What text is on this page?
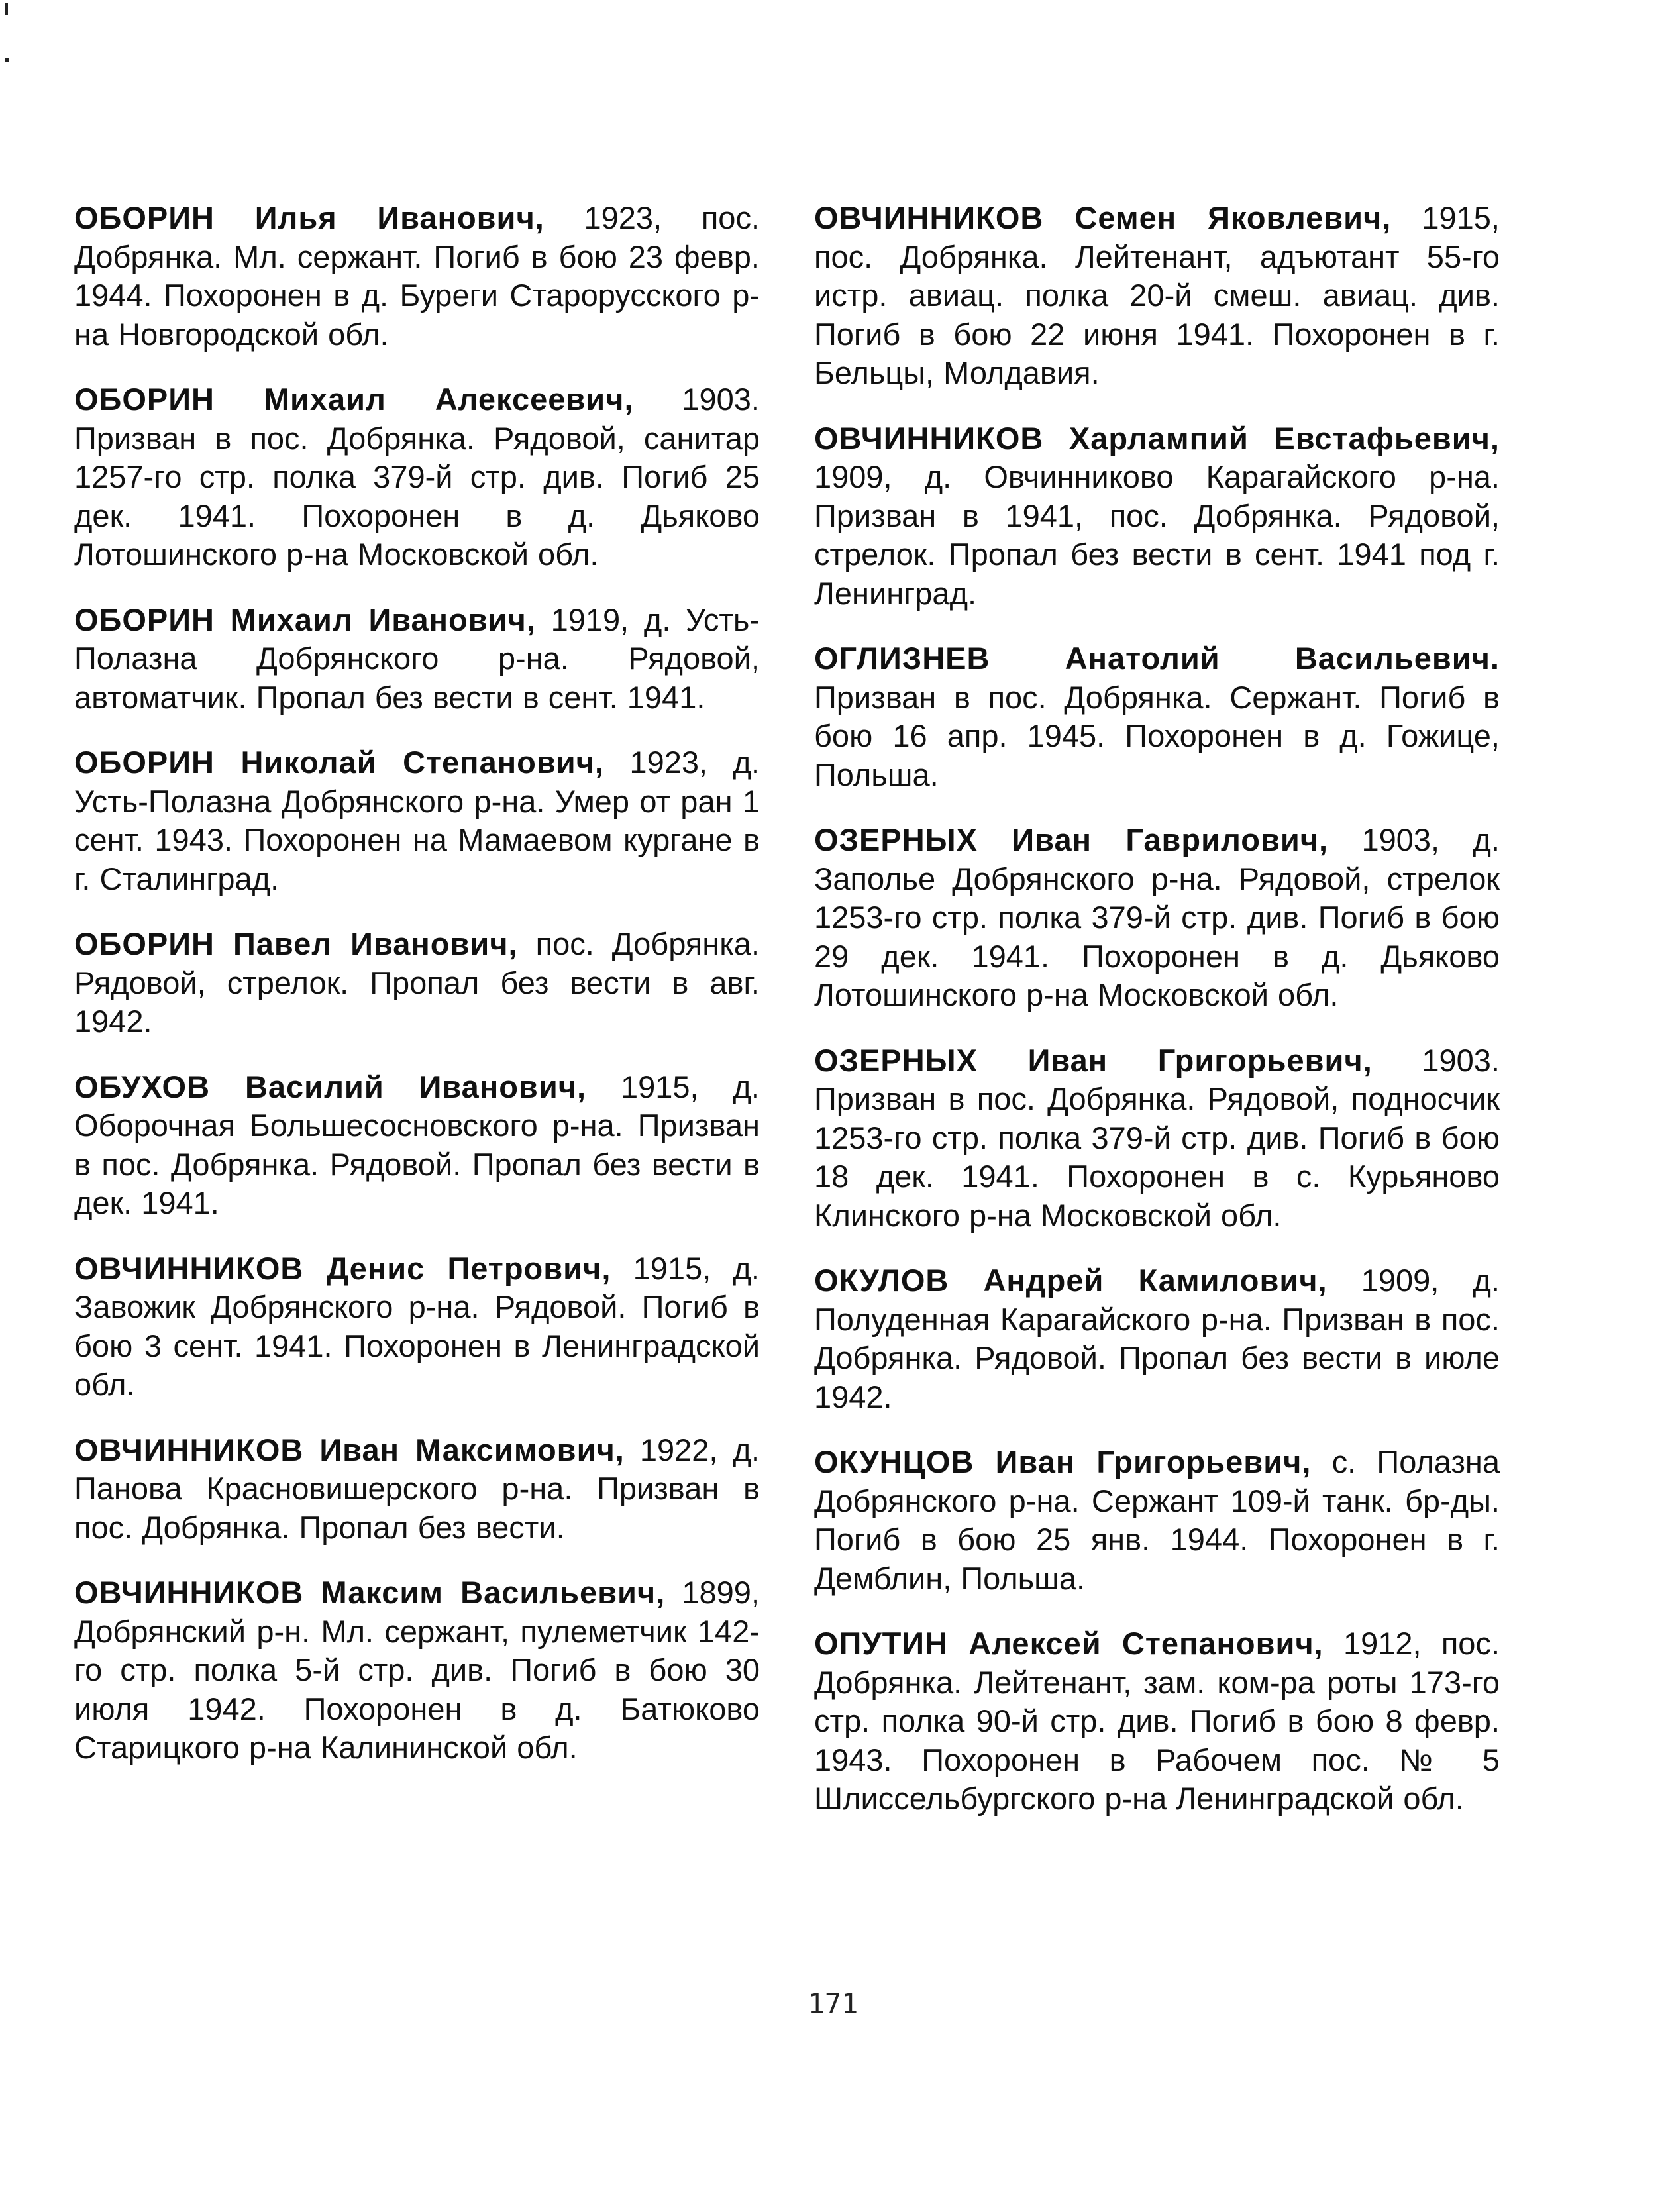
ОБОРИН Илья Иванович, 1923, пос. Добрянка. Мл. сержант. Погиб в бою 23 февр. 1944. Похоронен в д. Буреги Старорусского р-на Новгородской обл.

ОБОРИН Михаил Алексеевич, 1903. Призван в пос. Добрянка. Рядовой, санитар 1257-го стр. полка 379-й стр. див. Погиб 25 дек. 1941. Похоронен в д. Дьяково Лотошинского р-на Московской обл.

ОБОРИН Михаил Иванович, 1919, д. Усть-Полазна Добрянского р-на. Рядовой, автоматчик. Пропал без вести в сент. 1941.

ОБОРИН Николай Степанович, 1923, д. Усть-Полазна Добрянского р-на. Умер от ран 1 сент. 1943. Похоронен на Мамаевом кургане в г. Сталинград.

ОБОРИН Павел Иванович, пос. Добрянка. Рядовой, стрелок. Пропал без вести в авг. 1942.

ОБУХОВ Василий Иванович, 1915, д. Оборочная Большесосновского р-на. Призван в пос. Добрянка. Рядовой. Пропал без вести в дек. 1941.

ОВЧИННИКОВ Денис Петрович, 1915, д. Завожик Добрянского р-на. Рядовой. Погиб в бою 3 сент. 1941. Похоронен в Ленинградской обл.

ОВЧИННИКОВ Иван Максимович, 1922, д. Панова Красновишерского р-на. Призван в пос. Добрянка. Пропал без вести.

ОВЧИННИКОВ Максим Васильевич, 1899, Добрянский р-н. Мл. сержант, пулеметчик 142-го стр. полка 5-й стр. див. Погиб в бою 30 июля 1942. Похоронен в д. Батюково Старицкого р-на Калининской обл.

ОВЧИННИКОВ Семен Яковлевич, 1915, пос. Добрянка. Лейтенант, адъютант 55-го истр. авиац. полка 20-й смеш. авиац. див. Погиб в бою 22 июня 1941. Похоронен в г. Бельцы, Молдавия.

ОВЧИННИКОВ Харлампий Евстафьевич, 1909, д. Овчинниково Карагайского р-на. Призван в 1941, пос. Добрянка. Рядовой, стрелок. Пропал без вести в сент. 1941 под г. Ленинград.

ОГЛИЗНЕВ Анатолий Васильевич. Призван в пос. Добрянка. Сержант. Погиб в бою 16 апр. 1945. Похоронен в д. Гожице, Польша.

ОЗЕРНЫХ Иван Гаврилович, 1903, д. Заполье Добрянского р-на. Рядовой, стрелок 1253-го стр. полка 379-й стр. див. Погиб в бою 29 дек. 1941. Похоронен в д. Дьяково Лотошинского р-на Московской обл.

ОЗЕРНЫХ Иван Григорьевич, 1903. Призван в пос. Добрянка. Рядовой, подносчик 1253-го стр. полка 379-й стр. див. Погиб в бою 18 дек. 1941. Похоронен в с. Курьяново Клинского р-на Московской обл.

ОКУЛОВ Андрей Камилович, 1909, д. Полуденная Карагайского р-на. Призван в пос. Добрянка. Рядовой. Пропал без вести в июле 1942.

ОКУНЦОВ Иван Григорьевич, с. Полазна Добрянского р-на. Сержант 109-й танк. бр-ды. Погиб в бою 25 янв. 1944. Похоронен в г. Демблин, Польша.

ОПУТИН Алексей Степанович, 1912, пос. Добрянка. Лейтенант, зам. ком-ра роты 173-го стр. полка 90-й стр. див. Погиб в бою 8 февр. 1943. Похоронен в Рабочем пос. № 5 Шлиссельбургского р-на Ленинградской обл.

171
